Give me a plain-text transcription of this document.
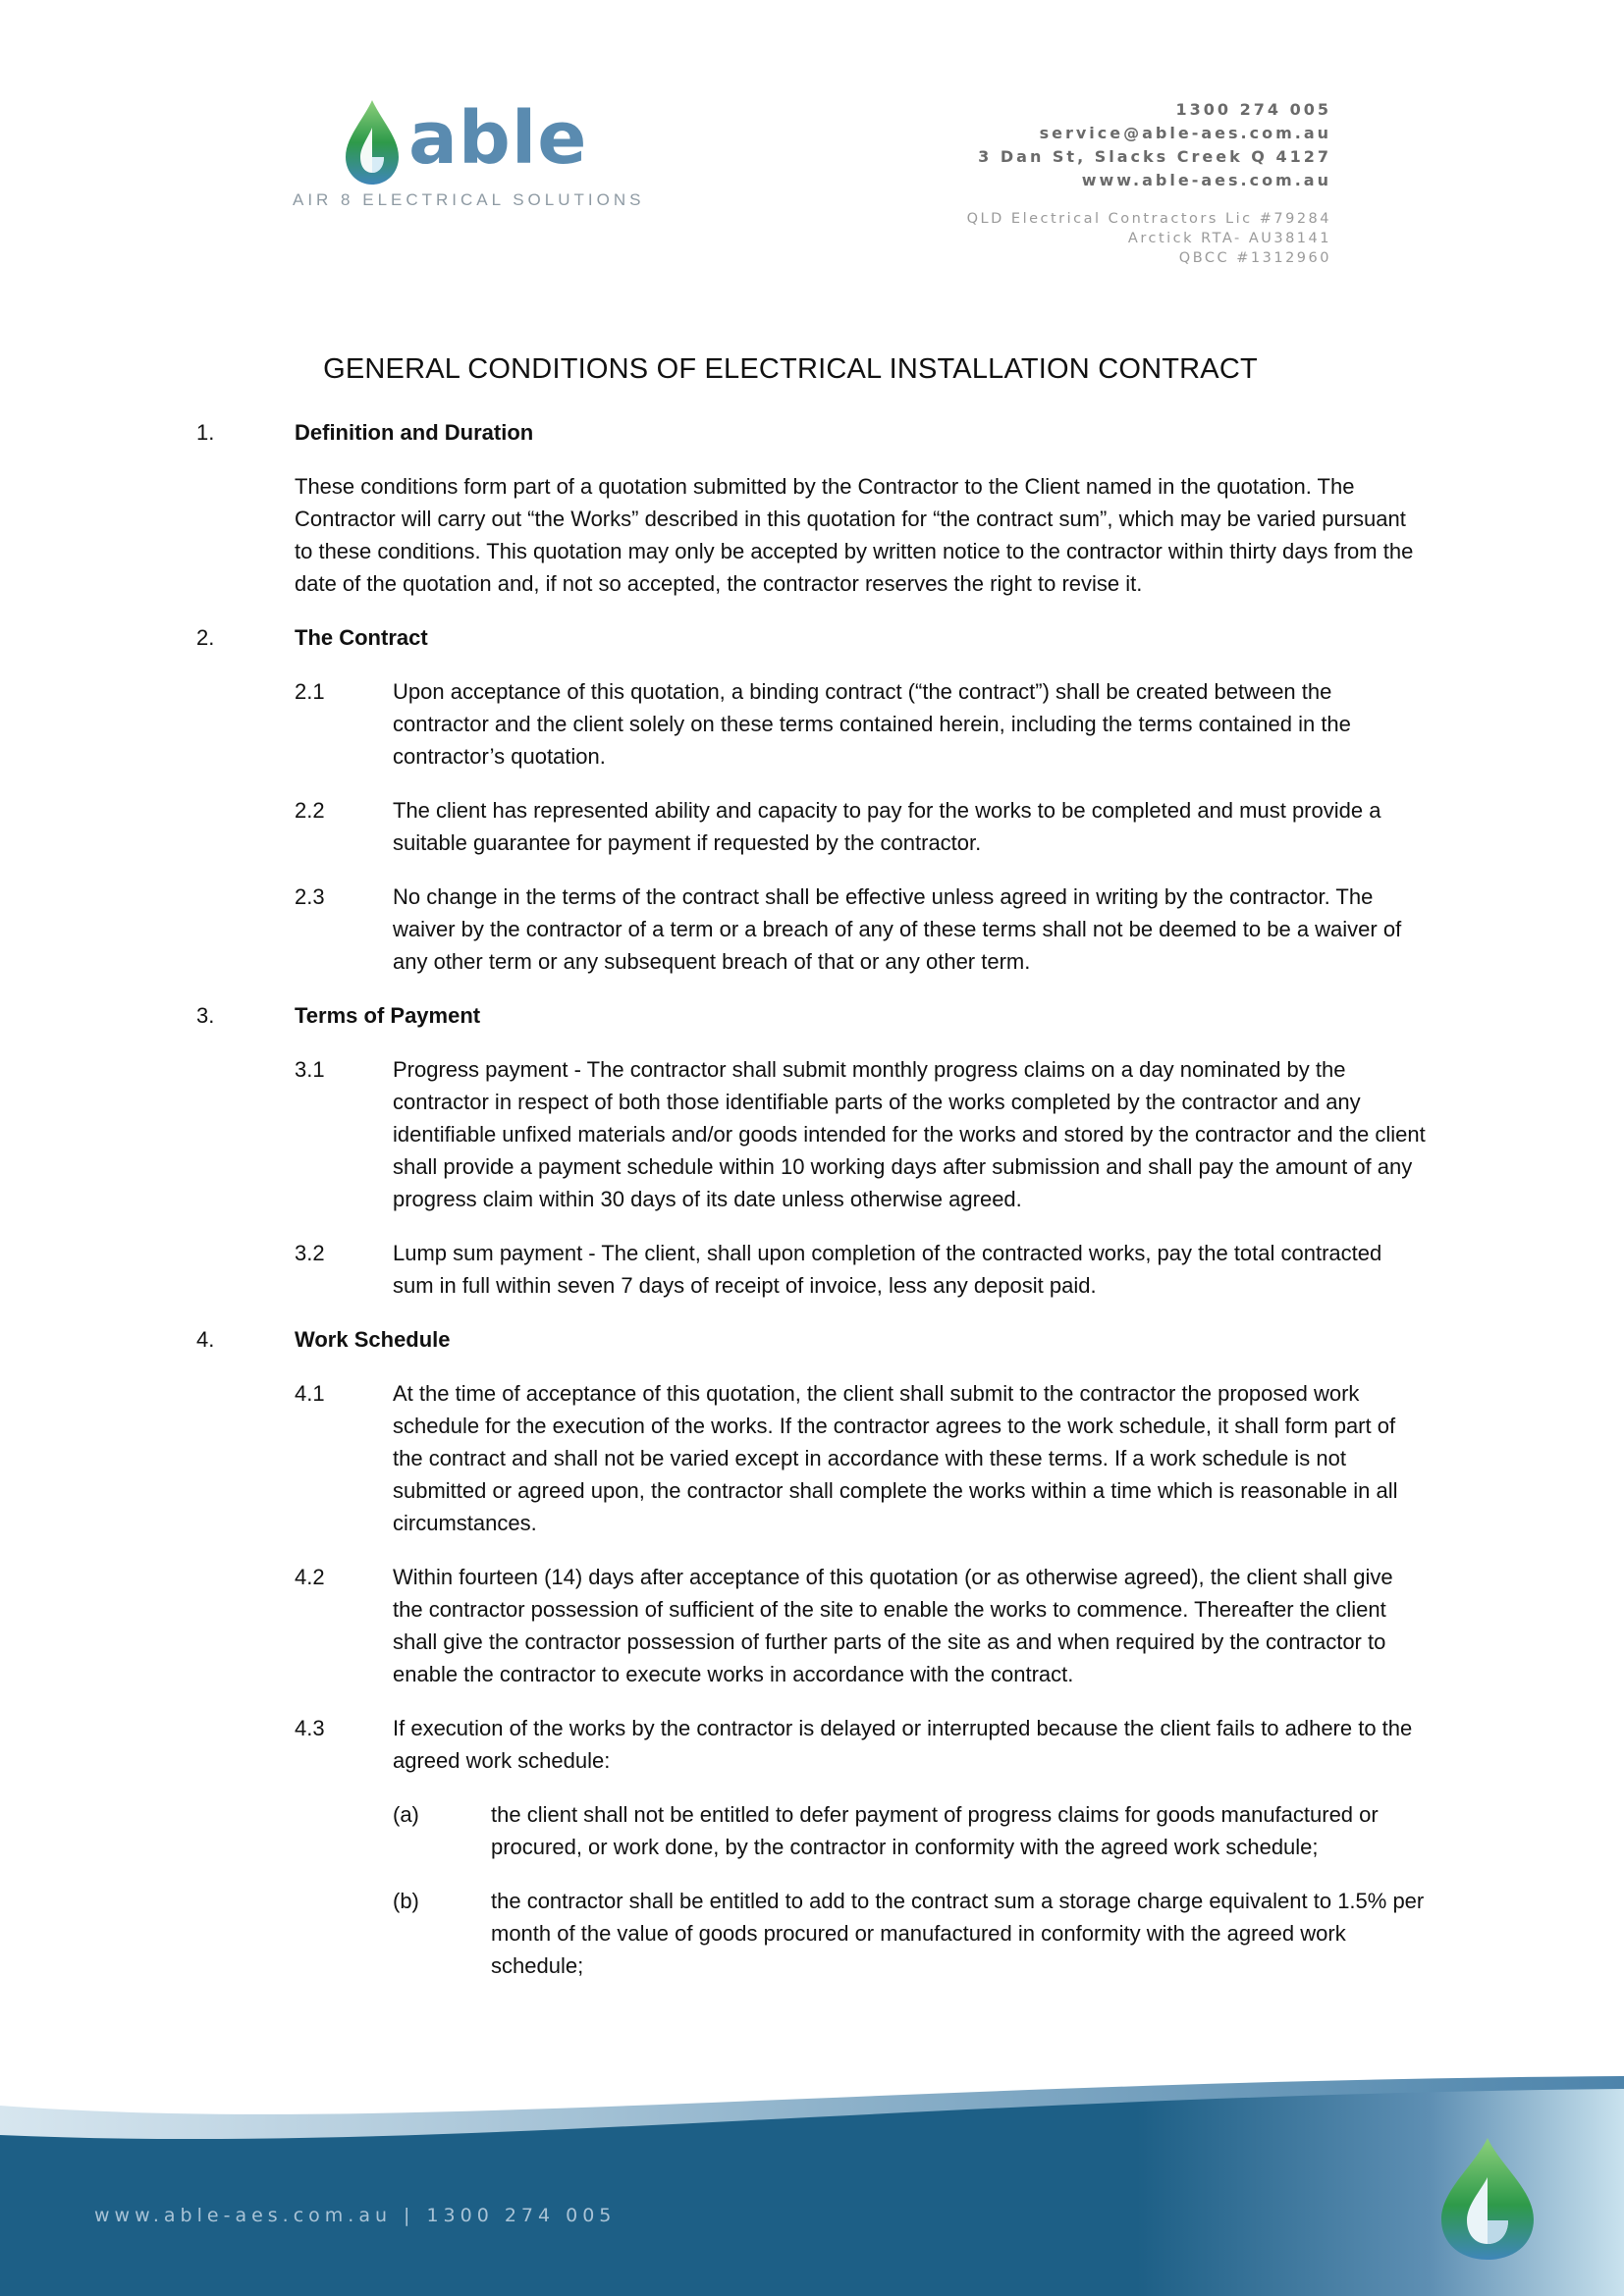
able
AIR 8 ELECTRICAL SOLUTIONS
1300 274 005
service@able-aes.com.au
3 Dan St, Slacks Creek Q 4127
www.able-aes.com.au
QLD Electrical Contractors Lic #79284
Arctick RTA- AU38141
QBCC #1312960
GENERAL CONDITIONS OF ELECTRICAL INSTALLATION CONTRACT
1.	Definition and Duration

These conditions form part of a quotation submitted by the Contractor to the Client named in the quotation. The Contractor will carry out “the Works” described in this quotation for “the contract sum”, which may be varied pursuant to these conditions. This quotation may only be accepted by written notice to the contractor within thirty days from the date of the quotation and, if not so accepted, the contractor reserves the right to revise it.

2.	The Contract
2.1	Upon acceptance of this quotation, a binding contract (“the contract”) shall be created between the contractor and the client solely on these terms contained herein, including the terms contained in the contractor’s quotation.
2.2	The client has represented ability and capacity to pay for the works to be completed and must provide a suitable guarantee for payment if requested by the contractor.
2.3	No change in the terms of the contract shall be effective unless agreed in writing by the contractor. The waiver by the contractor of a term or a breach of any of these terms shall not be deemed to be a waiver of any other term or any subsequent breach of that or any other term.
3.	Terms of Payment
3.1	Progress payment - The contractor shall submit monthly progress claims on a day nominated by the contractor in respect of both those identifiable parts of the works completed by the contractor and any identifiable unfixed materials and/or goods intended for the works and stored by the contractor and the client shall provide a payment schedule within 10 working days after submission and shall pay the amount of any progress claim within 30 days of its date unless otherwise agreed.
3.2	Lump sum payment - The client, shall upon completion of the contracted works, pay the total contracted sum in full within seven 7 days of receipt of invoice, less any deposit paid.
4.	Work Schedule
4.1	At the time of acceptance of this quotation, the client shall submit to the contractor the proposed work schedule for the execution of the works. If the contractor agrees to the work schedule, it shall form part of the contract and shall not be varied except in accordance with these terms. If a work schedule is not submitted or agreed upon, the contractor shall complete the works within a time which is reasonable in all circumstances.
4.2	Within fourteen (14) days after acceptance of this quotation (or as otherwise agreed), the client shall give the contractor possession of sufficient of the site to enable the works to commence. Thereafter the client shall give the contractor possession of further parts of the site as and when required by the contractor to enable the contractor to execute works in accordance with the contract.
4.3	If execution of the works by the contractor is delayed or interrupted because the client fails to adhere to the agreed work schedule:
(a)	the client shall not be entitled to defer payment of progress claims for goods manufactured or procured, or work done, by the contractor in conformity with the agreed work schedule;
(b)	the contractor shall be entitled to add to the contract sum a storage charge equivalent to 1.5% per month of the value of goods procured or manufactured in conformity with the agreed work schedule;
www.able-aes.com.au | 1300 274 005
